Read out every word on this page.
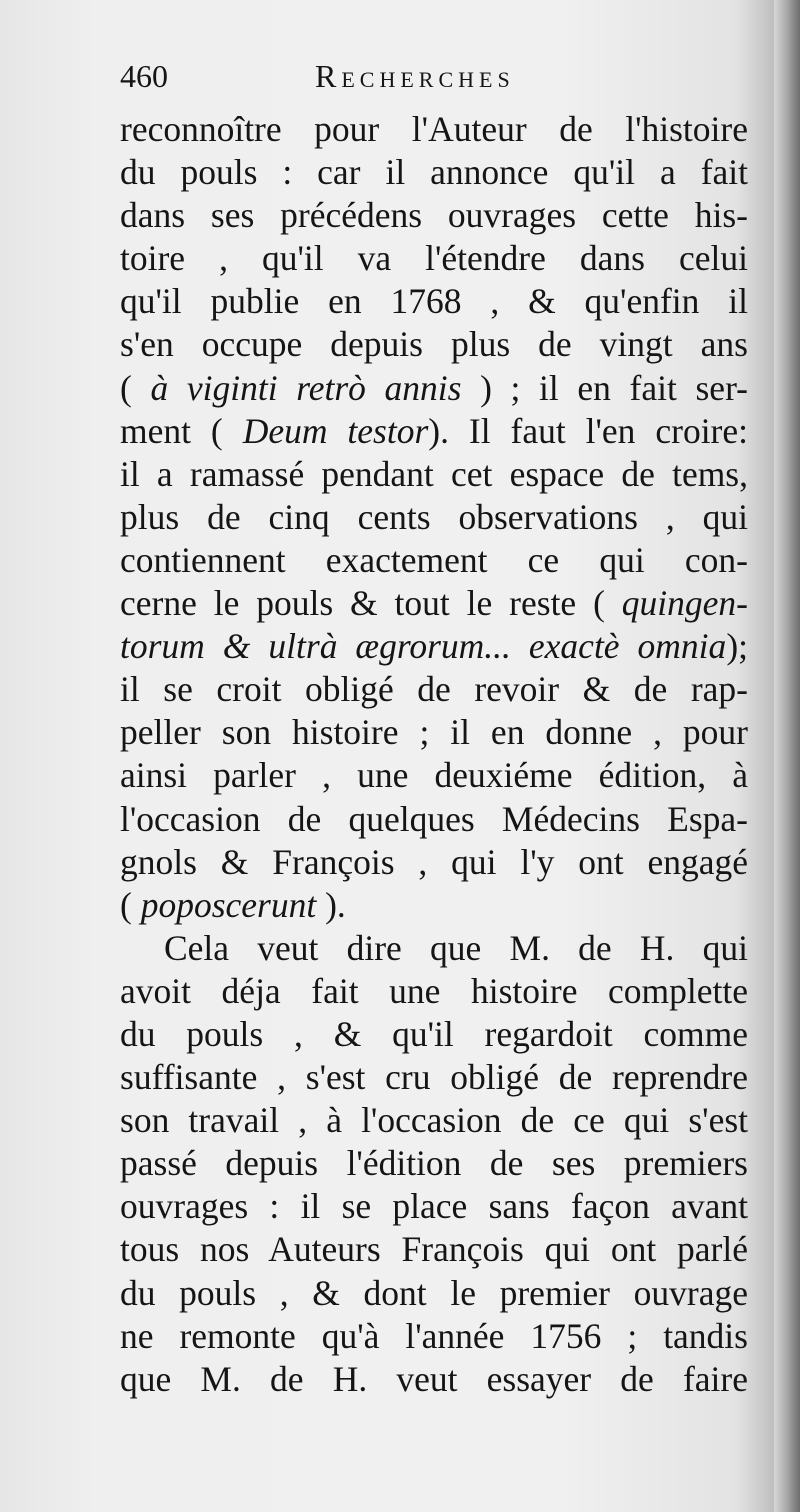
460	Recherches
reconnoître pour l'Auteur de l'histoire
du pouls : car il annonce qu'il a fait
dans ses précédens ouvrages cette his-
toire , qu'il va l'étendre dans celui
qu'il publie en 1768 , & qu'enfin il
s'en occupe depuis plus de vingt ans
( à viginti retrò annis ) ; il en fait ser-
ment ( Deum testor). Il faut l'en croire:
il a ramassé pendant cet espace de tems,
plus de cinq cents observations , qui
contiennent exactement ce qui con-
cerne le pouls & tout le reste ( quingen-
torum & ultrà ægrorum... exactè omnia);
il se croit obligé de revoir & de rap-
peller son histoire ; il en donne , pour
ainsi parler , une deuxiéme édition, à
l'occasion de quelques Médecins Espa-
gnols & François , qui l'y ont engagé
( poposcerunt ).
Cela veut dire que M. de H. qui
avoit déja fait une histoire complette
du pouls , & qu'il regardoit comme
suffisante , s'est cru obligé de reprendre
son travail , à l'occasion de ce qui s'est
passé depuis l'édition de ses premiers
ouvrages : il se place sans façon avant
tous nos Auteurs François qui ont parlé
du pouls , & dont le premier ouvrage
ne remonte qu'à l'année 1756 ; tandis
que M. de H. veut essayer de faire
